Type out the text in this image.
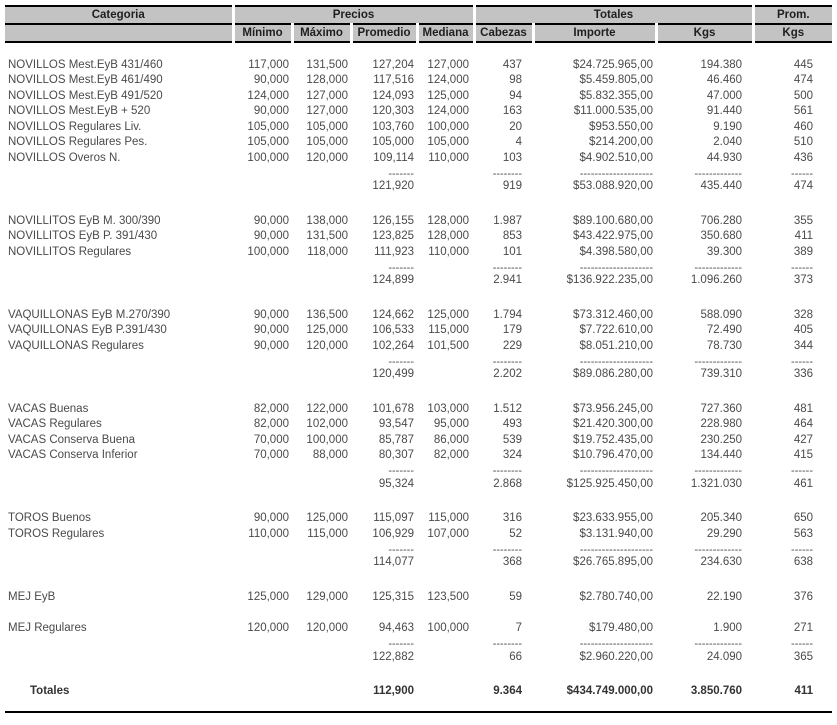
Categoria	Precios				Totales			Prom.
	Mínimo	Máximo	Promedio	Mediana	Cabezas	Importe	Kgs	Kgs

NOVILLOS Mest.EyB 431/460	117,000	131,500	127,204	127,000	437	$24.725.965,00	194.380	445
NOVILLOS Mest.EyB 461/490	90,000	128,000	117,516	124,000	98	$5.459.805,00	46.460	474
NOVILLOS Mest.EyB 491/520	124,000	127,000	124,093	125,000	94	$5.832.355,00	47.000	500
NOVILLOS Mest.EyB + 520	90,000	127,000	120,303	124,000	163	$11.000.535,00	91.440	561
NOVILLOS Regulares Liv.	105,000	105,000	103,760	100,000	20	$953.550,00	9.190	460
NOVILLOS Regulares Pes.	105,000	105,000	105,000	105,000	4	$214.200,00	2.040	510
NOVILLOS Overos N.	100,000	120,000	109,114	110,000	103	$4.902.510,00	44.930	436
			-------		--------	--------------------	-------------	------
			121,920		919	$53.088.920,00	435.440	474

NOVILLITOS EyB M. 300/390	90,000	138,000	126,155	128,000	1.987	$89.100.680,00	706.280	355
NOVILLITOS EyB P. 391/430	90,000	131,500	123,825	128,000	853	$43.422.975,00	350.680	411
NOVILLITOS Regulares	100,000	118,000	111,923	110,000	101	$4.398.580,00	39.300	389
			-------		--------	--------------------	-------------	------
			124,899		2.941	$136.922.235,00	1.096.260	373

VAQUILLONAS EyB M.270/390	90,000	136,500	124,662	125,000	1.794	$73.312.460,00	588.090	328
VAQUILLONAS EyB P.391/430	90,000	125,000	106,533	115,000	179	$7.722.610,00	72.490	405
VAQUILLONAS Regulares	90,000	120,000	102,264	101,500	229	$8.051.210,00	78.730	344
			-------		--------	--------------------	-------------	------
			120,499		2.202	$89.086.280,00	739.310	336

VACAS Buenas	82,000	122,000	101,678	103,000	1.512	$73.956.245,00	727.360	481
VACAS Regulares	82,000	102,000	93,547	95,000	493	$21.420.300,00	228.980	464
VACAS Conserva Buena	70,000	100,000	85,787	86,000	539	$19.752.435,00	230.250	427
VACAS Conserva Inferior	70,000	88,000	80,307	82,000	324	$10.796.470,00	134.440	415
			-------		--------	--------------------	-------------	------
			95,324		2.868	$125.925.450,00	1.321.030	461

TOROS Buenos	90,000	125,000	115,097	115,000	316	$23.633.955,00	205.340	650
TOROS Regulares	110,000	115,000	106,929	107,000	52	$3.131.940,00	29.290	563
			-------		--------	--------------------	-------------	------
			114,077		368	$26.765.895,00	234.630	638

MEJ EyB	125,000	129,000	125,315	123,500	59	$2.780.740,00	22.190	376

MEJ Regulares	120,000	120,000	94,463	100,000	7	$179.480,00	1.900	271
			-------		--------	--------------------	-------------	------
			122,882		66	$2.960.220,00	24.090	365

Totales			112,900		9.364	$434.749.000,00	3.850.760	411
